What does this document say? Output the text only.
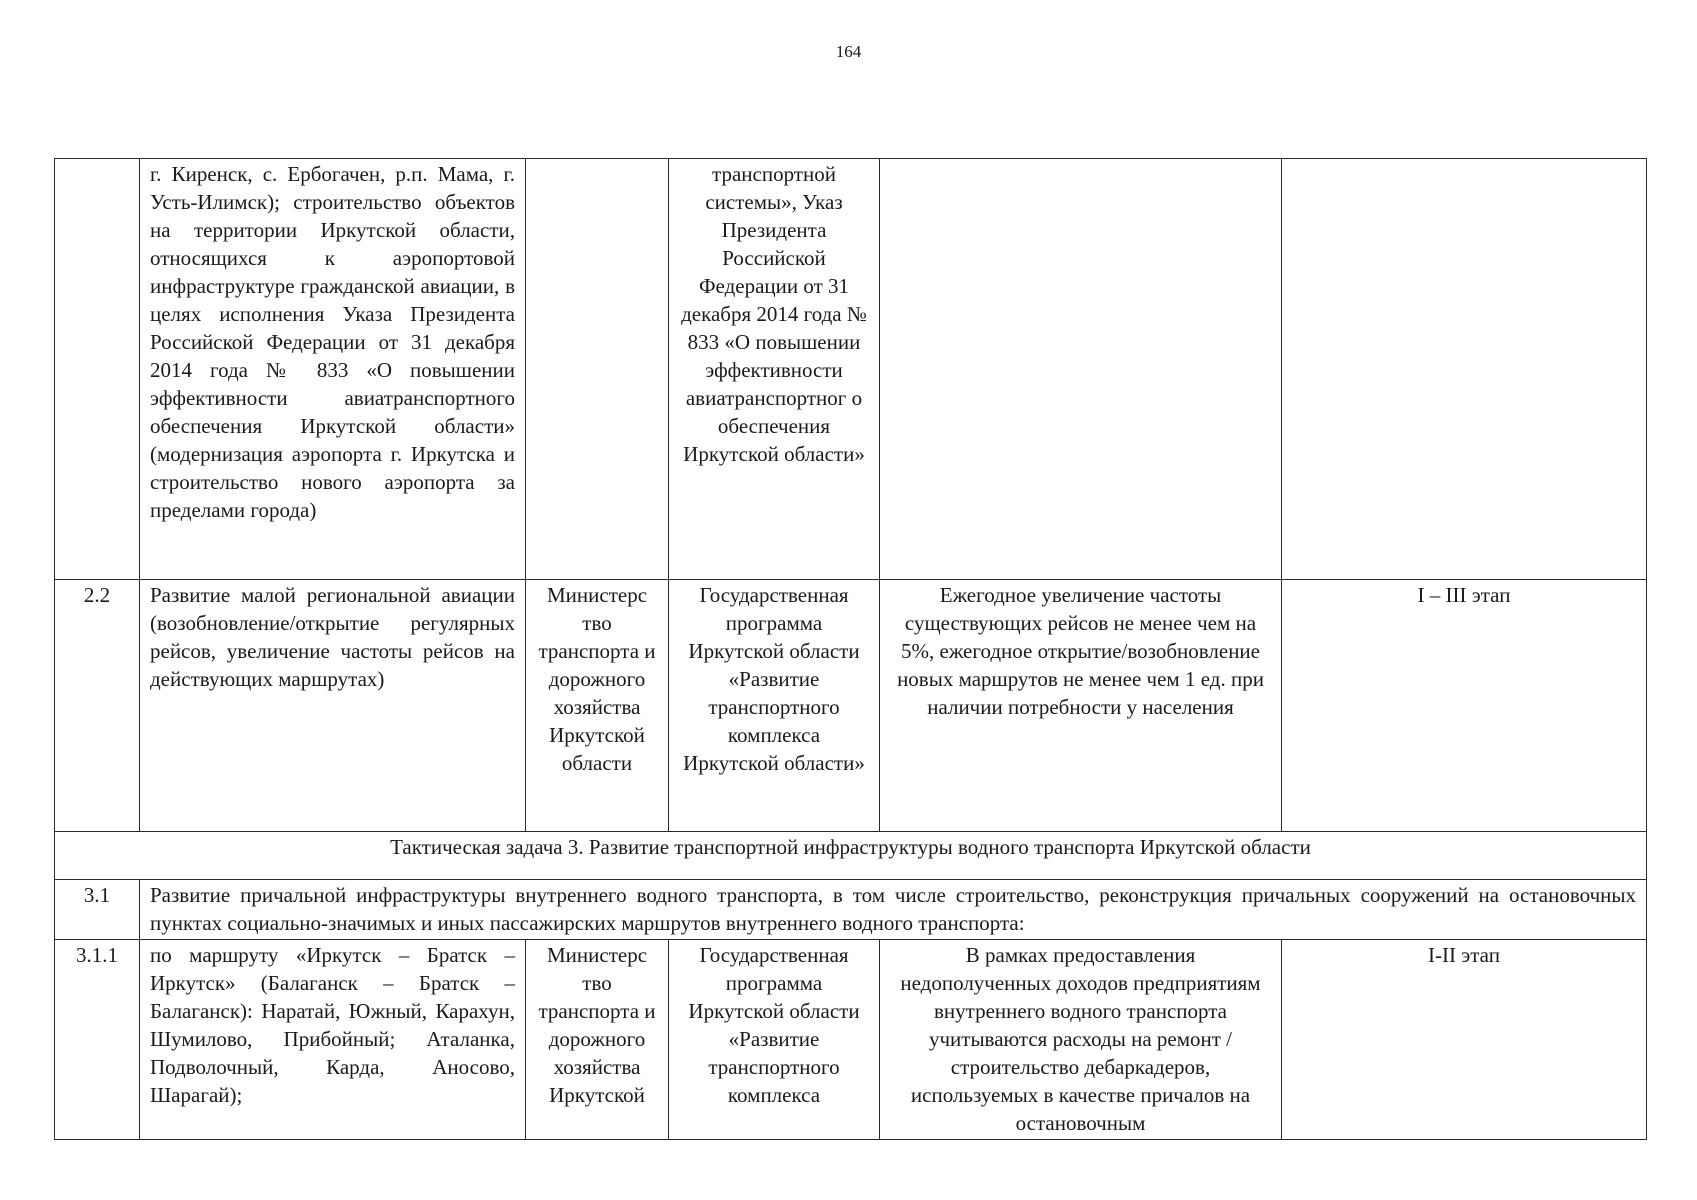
164
	г. Киренск, с. Ербогачен, р.п. Мама, г. Усть-Илимск); строительство объектов на территории Иркутской области, относящихся к аэропортовой инфраструктуре гражданской авиации, в целях исполнения Указа Президента Российской Федерации от 31 декабря 2014 года № 833 «О повышении эффективности авиатранспортного обеспечения Иркутской области» (модернизация аэропорта г. Иркутска и строительство нового аэропорта за пределами города)		транспортной системы», Указ Президента Российской Федерации от 31 декабря 2014 года № 833 «О повышении эффективности авиатранспортног о обеспечения Иркутской области»		
2.2	Развитие малой региональной авиации (возобновление/открытие регулярных рейсов, увеличение частоты рейсов на действующих маршрутах)	Министерс тво транспорта и дорожного хозяйства Иркутской области	Государственная программа Иркутской области «Развитие транспортного комплекса Иркутской области»	Ежегодное увеличение частоты существующих рейсов не менее чем на 5%, ежегодное открытие/возобновление новых маршрутов не менее чем 1 ед. при наличии потребности у населения	I – III этап
Тактическая задача 3. Развитие транспортной инфраструктуры водного транспорта Иркутской области					
3.1	Развитие причальной инфраструктуры внутреннего водного транспорта, в том числе строительство, реконструкция причальных сооружений на остановочных пунктах социально-значимых и иных пассажирских маршрутов внутреннего водного транспорта:				
3.1.1	по маршруту «Иркутск – Братск – Иркутск» (Балаганск – Братск – Балаганск): Наратай, Южный, Карахун, Шумилово, Прибойный; Аталанка, Подволочный, Карда, Аносово, Шарагай);	Министерс тво транспорта и дорожного хозяйства Иркутской	Государственная программа Иркутской области «Развитие транспортного комплекса	В рамках предоставления недополученных доходов предприятиям внутреннего водного транспорта учитываются расходы на ремонт / строительство дебаркадеров, используемых в качестве причалов на остановочным	I-II этап
